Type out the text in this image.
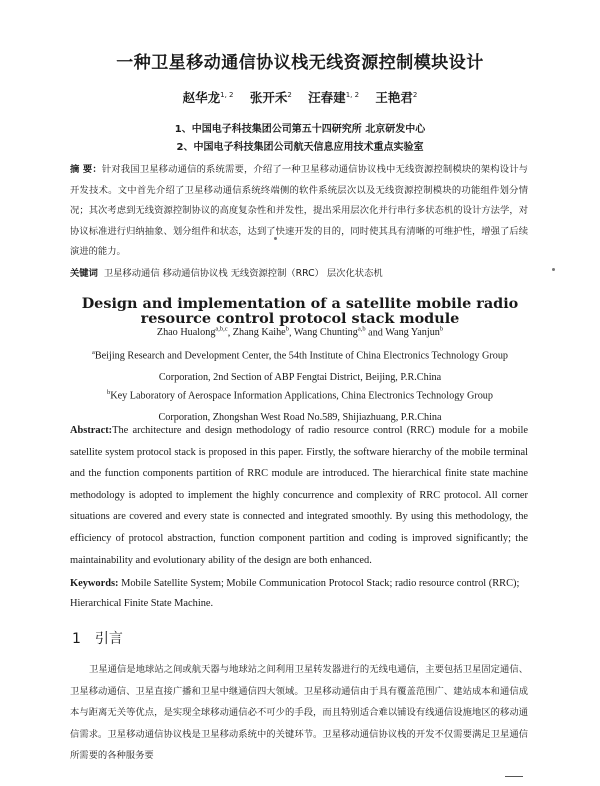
一种卫星移动通信协议栈无线资源控制模块设计
赵华龙$^{1, 2}$ 张开禾$^2$ 汪春建$^{1, 2}$ 王艳君$^2$
1、中国电子科技集团公司第五十四研究所 北京研发中心
2、中国电子科技集团公司航天信息应用技术重点实验室
摘 要：针对我国卫星移动通信的系统需要，介绍了一种卫星移动通信协议栈中无线资源控制模块的架构设计与开发技术。文中首先介绍了卫星移动通信系统终端侧的软件系统层次以及无线资源控制模块的功能组件划分情况；其次考虑到无线资源控制协议的高度复杂性和并发性，提出采用层次化并行串行多状态机的设计方法学，对协议标准进行归纳抽象、划分组件和状态，达到了快速开发的目的，同时使其具有清晰的可维护性，增强了后续演进的能力。
关键词 卫星移动通信 移动通信协议栈 无线资源控制（RRC） 层次化状态机
Design and implementation of a satellite mobile radio resource control protocol stack module
Zhao Hualong$^{a,b,c}$, Zhang Kaihe$^b$, Wang Chunting$^{a,b}$ and Wang Yanjun$^b$
$^a$Beijing Research and Development Center, the 54th Institute of China Electronics Technology Group
Corporation, 2nd Section of ABP Fengtai District, Beijing, P.R.China
$^b$Key Laboratory of Aerospace Information Applications, China Electronics Technology Group
Corporation, Zhongshan West Road No.589, Shijiazhuang, P.R.China
Abstract:The architecture and design methodology of radio resource control (RRC) module for a mobile satellite system protocol stack is proposed in this paper. Firstly, the software hierarchy of the mobile terminal and the function components partition of RRC module are introduced. The hierarchical finite state machine methodology is adopted to implement the highly concurrence and complexity of RRC protocol. All corner situations are covered and every state is connected and integrated smoothly. By using this methodology, the efficiency of protocol abstraction, function component partition and coding is improved significantly; the maintainability and evolutionary ability of the design are both enhanced.
Keywords: Mobile Satellite System; Mobile Communication Protocol Stack; radio resource control (RRC); Hierarchical Finite State Machine.
1 引言
卫星通信是地球站之间或航天器与地球站之间利用卫星转发器进行的无线电通信，主要包括卫星固定通信、卫星移动通信、卫星直接广播和卫星中继通信四大领域。卫星移动通信由于具有覆盖范围广、建站成本和通信成本与距离无关等优点，是实现全球移动通信必不可少的手段，而且特别适合难以铺设有线通信设施地区的移动通信需求。卫星移动通信协议栈是卫星移动系统中的关键环节。卫星移动通信协议栈的开发不仅需要满足卫星通信所需要的各种服务要
